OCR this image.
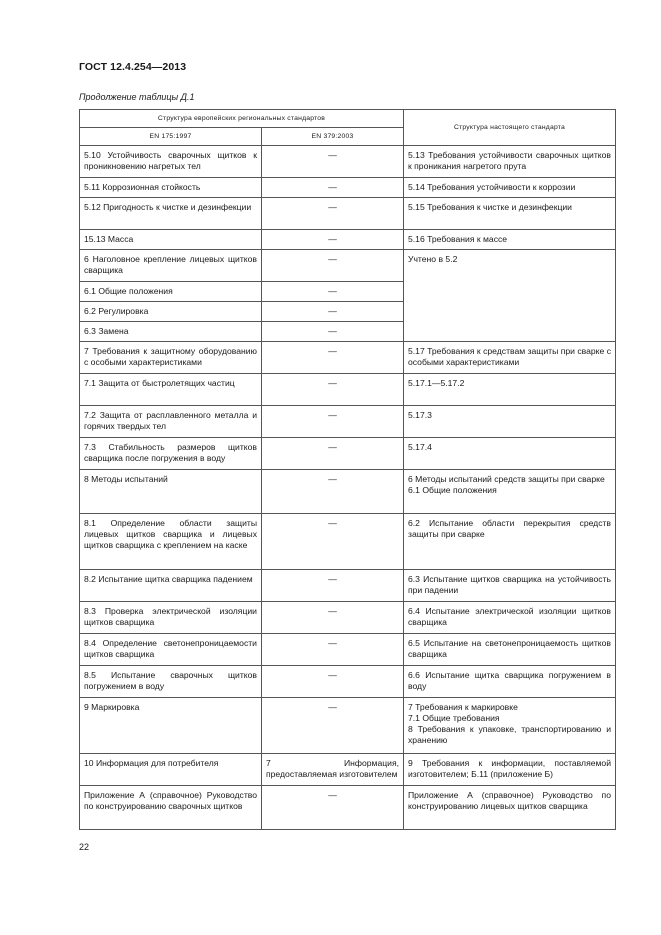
ГОСТ 12.4.254—2013
Продолжение таблицы Д.1
Структура европейских региональных стандартов		Структура настоящего стандарта
EN 175:1997	EN 379:2003	
5.10 Устойчивость сварочных щитков к проникновению нагретых тел	—	5.13 Требования устойчивости сварочных щитков к проникания нагретого прута
5.11 Коррозионная стойкость	—	5.14 Требования устойчивости к коррозии
5.12 Пригодность к чистке и дезинфекции	—	5.15 Требования к чистке и дезинфекции
15.13 Масса	—	5.16 Требования к массе
6 Наголовное крепление лицевых щитков сварщика	—	Учтено в 5.2
6.1 Общие положения	—	
6.2 Регулировка	—	
6.3 Замена	—	
7 Требования к защитному оборудованию с особыми характеристиками	—	5.17 Требования к средствам защиты при сварке с особыми характеристиками
7.1 Защита от быстролетящих частиц	—	5.17.1—5.17.2
7.2 Защита от расплавленного металла и горячих твердых тел	—	5.17.3
7.3 Стабильность размеров щитков сварщика после погружения в воду	—	5.17.4
8 Методы испытаний	—	6 Методы испытаний средств защиты при сварке
6.1 Общие положения

8.1 Определение области защиты лицевых щитков сварщика и лицевых щитков сварщика с креплением на каске	—	6.2 Испытание области перекрытия средств защиты при сварке
8.2 Испытание щитка сварщика падением	—	6.3 Испытание щитков сварщика на устойчивость при падении
8.3 Проверка электрической изоляции щитков сварщика	—	6.4 Испытание электрической изоляции щитков сварщика
8.4 Определение светонепроницаемости щитков сварщика	—	6.5 Испытание на светонепроницаемость щитков сварщика
8.5 Испытание сварочных щитков погружением в воду	—	6.6 Испытание щитка сварщика погружением в воду
9 Маркировка	—	7 Требования к маркировке
7.1 Общие требования
8 Требования к упаковке, транспортированию и хранению

10 Информация для потребителя	7 Информация, предоставляемая изготовителем	9 Требования к информации, поставляемой изготовителем; Б.11 (приложение Б)
Приложение А (справочное) Руководство по конструированию сварочных щитков	—	Приложение А (справочное) Руководство по конструированию лицевых щитков сварщика
22
